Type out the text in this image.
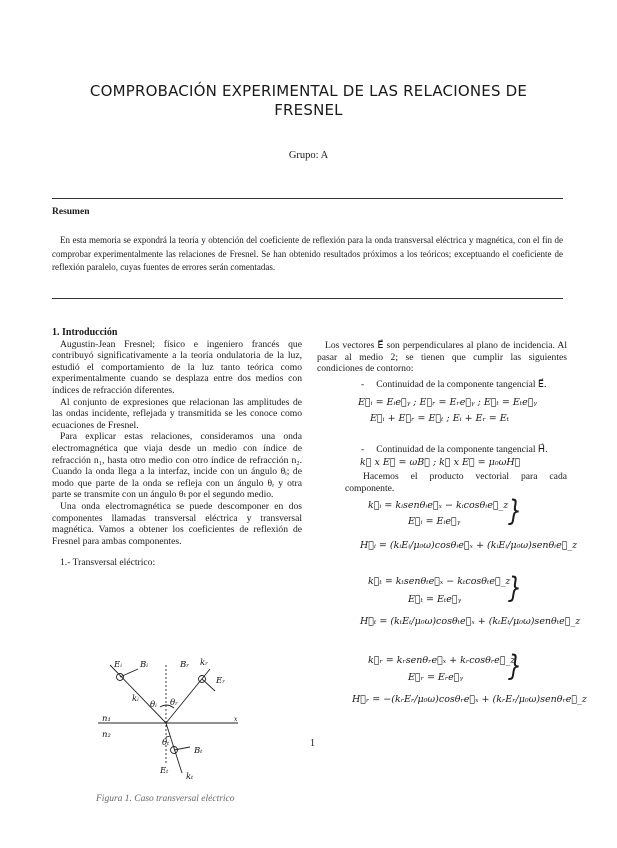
COMPROBACIÓN EXPERIMENTAL DE LAS RELACIONES DE
FRESNEL
Grupo: A
Resumen
En esta memoria se expondrá la teoría y obtención del coeficiente de reflexión para la onda transversal eléctrica y magnética, con el fin de comprobar experimentalmente las relaciones de Fresnel. Se han obtenido resultados próximos a los teóricos; exceptuando el coeficiente de reflexión paralelo, cuyas fuentes de errores serán comentadas.
1. Introducción

Augustin-Jean Fresnel; físico e ingeniero francés que contribuyó significativamente a la teoría ondulatoria de la luz, estudió el comportamiento de la luz tanto teórica como experimentalmente cuando se desplaza entre dos medios con índices de refracción diferentes.

Al conjunto de expresiones que relacionan las amplitudes de las ondas incidente, reflejada y transmitida se les conoce como ecuaciones de Fresnel.

Para explicar estas relaciones, consideramos una onda electromagnética que viaja desde un medio con índice de refracción n₁, hasta otro medio con otro índice de refracción n₂. Cuando la onda llega a la interfaz, incide con un ángulo θᵢ; de modo que parte de la onda se refleja con un ángulo θᵣ y otra parte se transmite con un ángulo θₜ por el segundo medio.

Una onda electromagnética se puede descomponer en dos componentes llamadas transversal eléctrica y transversal magnética. Vamos a obtener los coeficientes de reflexión de Fresnel para ambas componentes.

1.- Transversal eléctrico:

Eᵢ Bᵢ	Bᵣ
Eᵣ
kᵣ
kᵢ
θᵢ θᵣ
n₁
n₂
x
θₜ
Bₜ
Eₜ
kₜ
Figura 1. Caso transversal eléctrico

Los vectores E⃗ son perpendiculares al plano de incidencia. Al pasar al medio 2; se tienen que cumplir las siguientes condiciones de contorno:

-     Continuidad de la componente tangencial E⃗.

E⃗ᵢ = Eᵢe⃗ᵧ ; E⃗ᵣ = Eᵣe⃗ᵧ ; E⃗ₜ = Eₜe⃗ᵧ
E⃗ᵢ + E⃗ᵣ = E⃗ₜ ; Eᵢ + Eᵣ = Eₜ

-     Continuidad de la componente tangencial H⃗.

k⃗ x E⃗ = ωB⃗ ; k⃗ x E⃗ = μ₀ωH⃗

Hacemos el producto vectorial para cada componente.

k⃗ᵢ = kᵢsenθᵢe⃗ₓ − kᵢcosθᵢe⃗_z
E⃗ᵢ = Eᵢe⃗ᵧ }
H⃗ᵢ = (kᵢEᵢ/μ₀ω)cosθᵢe⃗ₓ + (kᵢEᵢ/μ₀ω)senθᵢe⃗_z
k⃗ₜ = kₜsenθₜe⃗ₓ − kₜcosθₜe⃗_z
E⃗ₜ = Eₜe⃗ᵧ }
H⃗ₜ = (kₜEₜ/μ₀ω)cosθₜe⃗ₓ + (kₜEₜ/μ₀ω)senθₜe⃗_z
k⃗ᵣ = kᵣsenθᵣe⃗ₓ + kᵣcosθᵣe⃗_z
E⃗ᵣ = Eᵣe⃗ᵧ }
H⃗ᵣ = −(kᵣEᵣ/μ₀ω)cosθᵣe⃗ₓ + (kᵣEᵣ/μ₀ω)senθᵣe⃗_z
1
